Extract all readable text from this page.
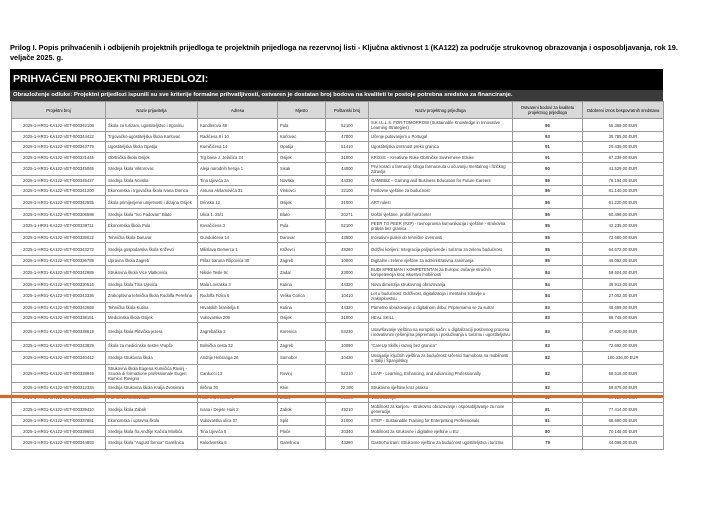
Prilog I. Popis prihvaćenih i odbijenih projektnih prijedloga te projektnih prijedloga na rezervnoj listi - Ključna aktivnost 1 (KA122) za područje strukovnog obrazovanja i osposobljavanja, rok 19. veljače 2025. g.
PRIHVAĆENI PROJEKTNI PRIJEDLOZI:
Obrazloženje odluke: Projektni prijedlozi ispunili su sve kriterije formalne prihvatljivosti, ostvaren je dostatan broj bodova na kvaliteti te postoje potrebna sredstva za financiranje.
Projektni broj	Naziv prijavitelja	Adresa	Mjesto	Poštanski broj	Naziv projektnog prijedloga	Ostvareni bodovi za kvalitetu projektnog prijedloga	Odobreni iznos bespovratnih sredstava
2025-1-HR01-KA122-VET-000342108	Škola za turizam, ugostiteljstvo i trgovinu	Kandlerova 48	Pula	52100	S.K.I.L.L.S. FOR TOMORROW (Sustainable Knowledge in Innovative Learning Strategies)	96	55.369,00 EUR
2025-1-HR01-KA122-VET-000344422	Trgovačko-ugostiteljska škola Karlovac	Radićeva 8 i 10	Karlovac	47000	Učenje putovanjem u Portugal	93	35.785,00 EUR
2025-1-HR01-KA122-VET-000343779	Ugostiteljska škola Opatija	Kumičićeva 14	Opatija	51410	Ugostiteljska izvrsnost preko granica	91	20.435,00 EUR
2025-1-HR01-KA122-VET-000321445	Obrtnička škola Osijek	Trg bana J. Jelačića 24	Osijek	31000	KROSS – Kreativne Ruke Obrtničke Suvremene Struke	91	87.239,00 EUR
2025-1-HR01-KA122-VET-000345065	Srednja škola Viktorovac	Aleja narodnih heroja 1	Sisak	44000	Prvi koraci u farmaciji: Uloga farmaceuta u očuvanju mentalnog i fizičkog zdravlja	90	41.529,00 EUR
2025-1-HR01-KA122-VET-000345437	Srednja škola Novska	Tina Ujevića 2a	Novska	44330	GAMEBIZ – Gaming and Business Education for Future Careers	89	76.194,00 EUR
2025-1-HR01-KA122-VET-000341200	Ekonomska i trgovačka škola Ivana Domca	Antuna Akšamovića 31	Vinkovci	32100	Poslovne vještine za budućnost	86	81.140,00 EUR
2025-1-HR01-KA122-VET-000342555	Škola primijenjene umjetnosti i dizajna Osijek	Drinska 12	Osijek	31000	ART rules!	86	61.220,00 EUR
2025-1-HR01-KA122-VET-000306598	Srednja škola "Ivo Padovan" Blato	Ulica 1. 25/1	Blato	20271	Izoštri vještine, proširi horizonte!	86	60.498,00 EUR
2025-1-HR01-KA122-VET-000339711	Ekonomska škola Pula	Kovačićeva 3	Pula	52100	PEER TO PEER (P2P) - ravnopravna komunikacija i vještine - strukovna praksa bez granica	85	42.235,00 EUR
2025-1-HR01-KA122-VET-000339022	Tehnička škola Daruvar	Gundulićeva 14	Daruvar	43500	Inovativni putevi do tehničke izvrsnosti	85	72.680,00 EUR
2025-1-HR01-KA122-VET-000343272	Srednja gospodarska škola Križevci	Milislava Demerca 1	Križevci	48260	Održivi korijeni: Integracija poljoprivrede i turizma za zelenu budućnost	85	64.672,00 EUR
2025-1-HR01-KA122-VET-000336789	Upravna škola Zagreb	Prilaz baruna Filipovića 30	Zagreb	10000	Digitalne i zelene vještine za administrativna zanimanja	85	49.082,00 EUR
2025-1-HR01-KA122-VET-000342989	Strukovna škola Vice Vlatkovića	Nikole Tesle 9c	Zadar	23000	BUDI SPREMAN I KOMPETENTAN za Europu: Jačanje stručnih kompetencija kroz iskustvo mobilnosti	84	59.504,00 EUR
2025-1-HR01-KA122-VET-000330516	Srednja škola Tina Ujevića	Mala Lovraska 3	Kutina	44320	Nova dimenzija strukovnog obrazovanja	84	49.913,00 EUR
2025-1-HR01-KA122-VET-000343336	Zrakoplovna tehnička škola Rudolfa Perešina	Rudolfa Fizira 6	Velika Gorica	10410	Let u budućnost: Održivost, digitalizacija i mentalno zdravlje u zrakoplovstvu	84	27.002,00 EUR
2025-1-HR01-KA122-VET-000342669	Tehnička škola Kutina	Hrvatskih branitelja 6	Kutina	44320	Pametno obrazovanje u digitalnom dobu: Pripremamo se za sutra!	83	48.659,00 EUR
2025-1-HR01-KA122-VET-000338151	Medicinska škola Osijek	Vukovarska 209	Osijek	31000	HEAL SKILL	83	88.745,00 EUR
2025-1-HR01-KA122-VET-000338819	Srednja škola Plitvička jezera	Zagrebačka 2	Korenica	53230	Usavršavanje vještina na europski način: u digitalizaciji poslovnog procesa i inovativnim rješenjima pripremanja i posluživanja u turizmu i ugostiteljstvu	83	47.620,00 EUR
2025-1-HR01-KA122-VET-000343829	Škola za medicinske sestre Vrapče	Bolnička cesta 32	Zagreb	10090	"CareUp Skills i razvoj bez granica"	83	72.692,00 EUR
2025-1-HR01-KA122-VET-000340442	Srednja strukovna škola	Andrije Hebranga 26	Samobor	10430	Usvajanje ključnih vještina za budućnost: Učenici Samobora na mobilnosti u Italiji i Španjolskoj	82	100.336,00 EUR
2025-1-HR01-KA122-VET-000328949	Strukovna škola Eugena Kumičića Rovinj - Scuola di formazione professionale Eugen Kumicic Rovigno	Carducci 13	Rovinj	52210	LEAP - Learning, Enhancing, and Advancing Professionally	82	68.516,00 EUR
2025-1-HR01-KA122-VET-000312334	Srednja strukovna škola Kralja Zvonimira	Ilirčina 30	Knin	22 300	Strukovne vještine kroz praksu	82	59.875,00 EUR

2025-1-HR01-KA122-VET-000339410	Srednja škola Zabok	Ivana i Dejete Huis 2	Zabok	49210	Mobilnost za karijeru - strukovno obrazovanje i osposobljavanje za nove generacije	81	77.414,00 EUR
2025-1-HR01-KA122-VET-000337881	Ekonomska i upravna škola	Vukovarska ulica 37	Split	21000	STEP - Sustainable Training for Enterprising Professionals	81	68.690,00 EUR
2025-1-HR01-KA122-VET-000339653	Srednja škola fra Andrije Kačića Miošića	Tina Ujevića 5	Ploče	20340	Mobilnost za strukovne i digitalne vještine u EU	80	70.146,00 EUR
2025-1-HR01-KA122-VET-000344893	Srednja škola "August Šenoa" Garešnica	Kolodvorska 6	Garešnica	43280	GastroTurizam: Strukovne vještine za budućnost ugostiteljstva i turizma	79	44.096,00 EUR
